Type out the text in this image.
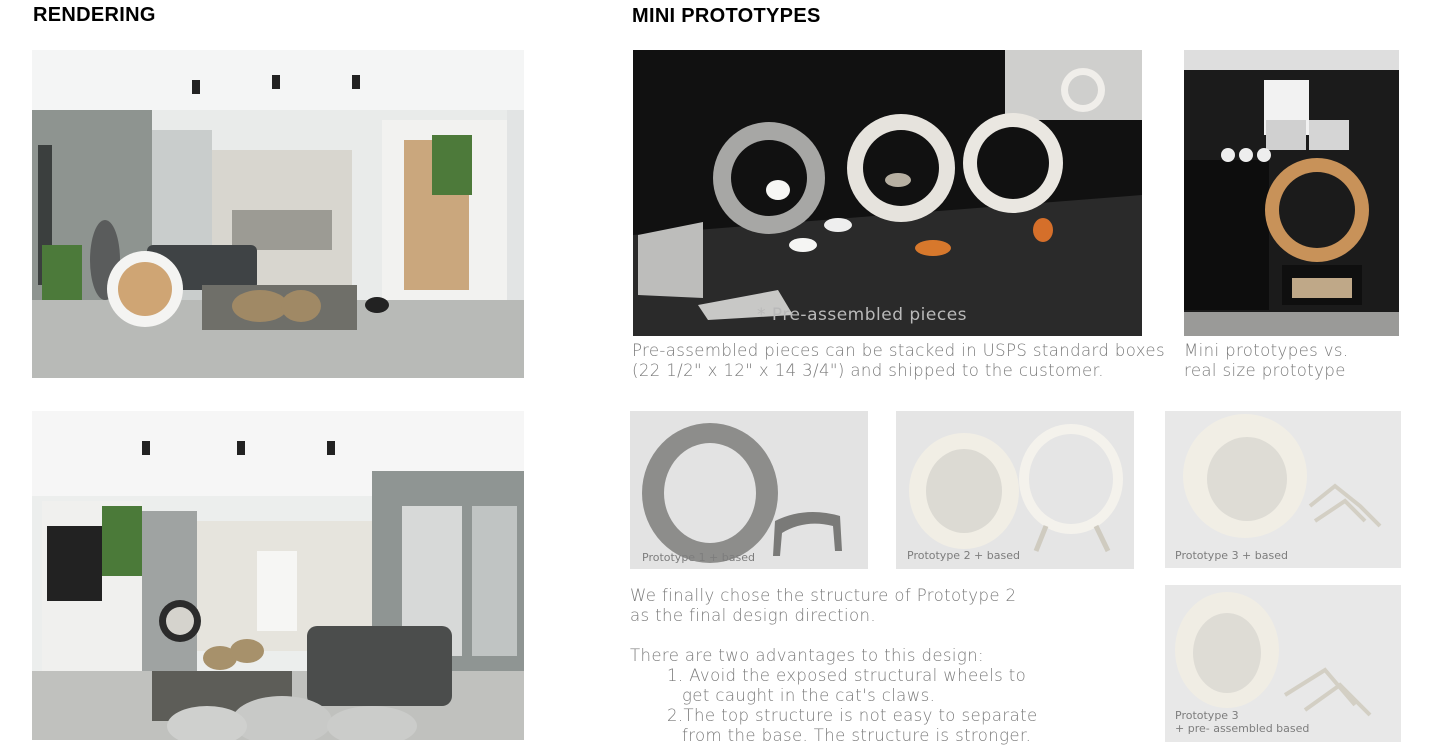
RENDERING	MINI PROTOTYPES
* Pre-assembled pieces
Pre-assembled pieces can be stacked in USPS standard boxes
(22 1/2" x 12" x 14 3/4") and shipped to the customer.
Mini prototypes vs.
real size prototype
Prototype 1 + based	Prototype 2 + based	Prototype 3 + based
Prototype 3
+ pre- assembled based

We finally chose the structure of Prototype 2

as the final design direction.

There are two advantages to this design:

1. Avoid the exposed structural wheels to

get caught in the cat's claws.

2.The top structure is not easy to separate

from the base. The structure is stronger.
